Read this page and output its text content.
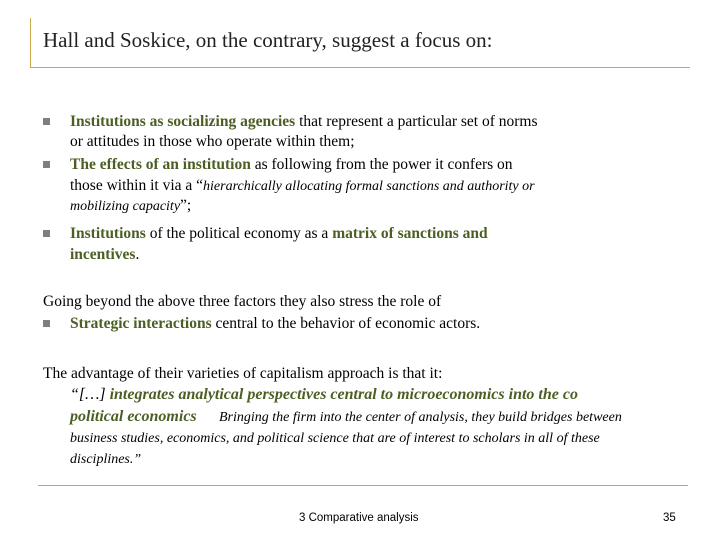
Hall and Soskice, on the contrary, suggest a focus on:
Institutions as socializing agencies that represent a particular set of norms
or attitudes in those who operate within them;
The effects of an institution as following from the power it confers on
those within it via a “hierarchically allocating formal sanctions and authority or
mobilizing capacity”;
Institutions of the political economy as a matrix of sanctions and
incentives.
Going beyond the above three factors they also stress the role of
Strategic interactions central to the behavior of economic actors.
The advantage of their varieties of capitalism approach is that it:
“[…] integrates analytical perspectives central to microeconomics into the co
political economics Bringing the firm into the center of analysis, they build bridges between
business studies, economics, and political science that are of interest to scholars in all of these
disciplines.”
3 Comparative analysis	35
